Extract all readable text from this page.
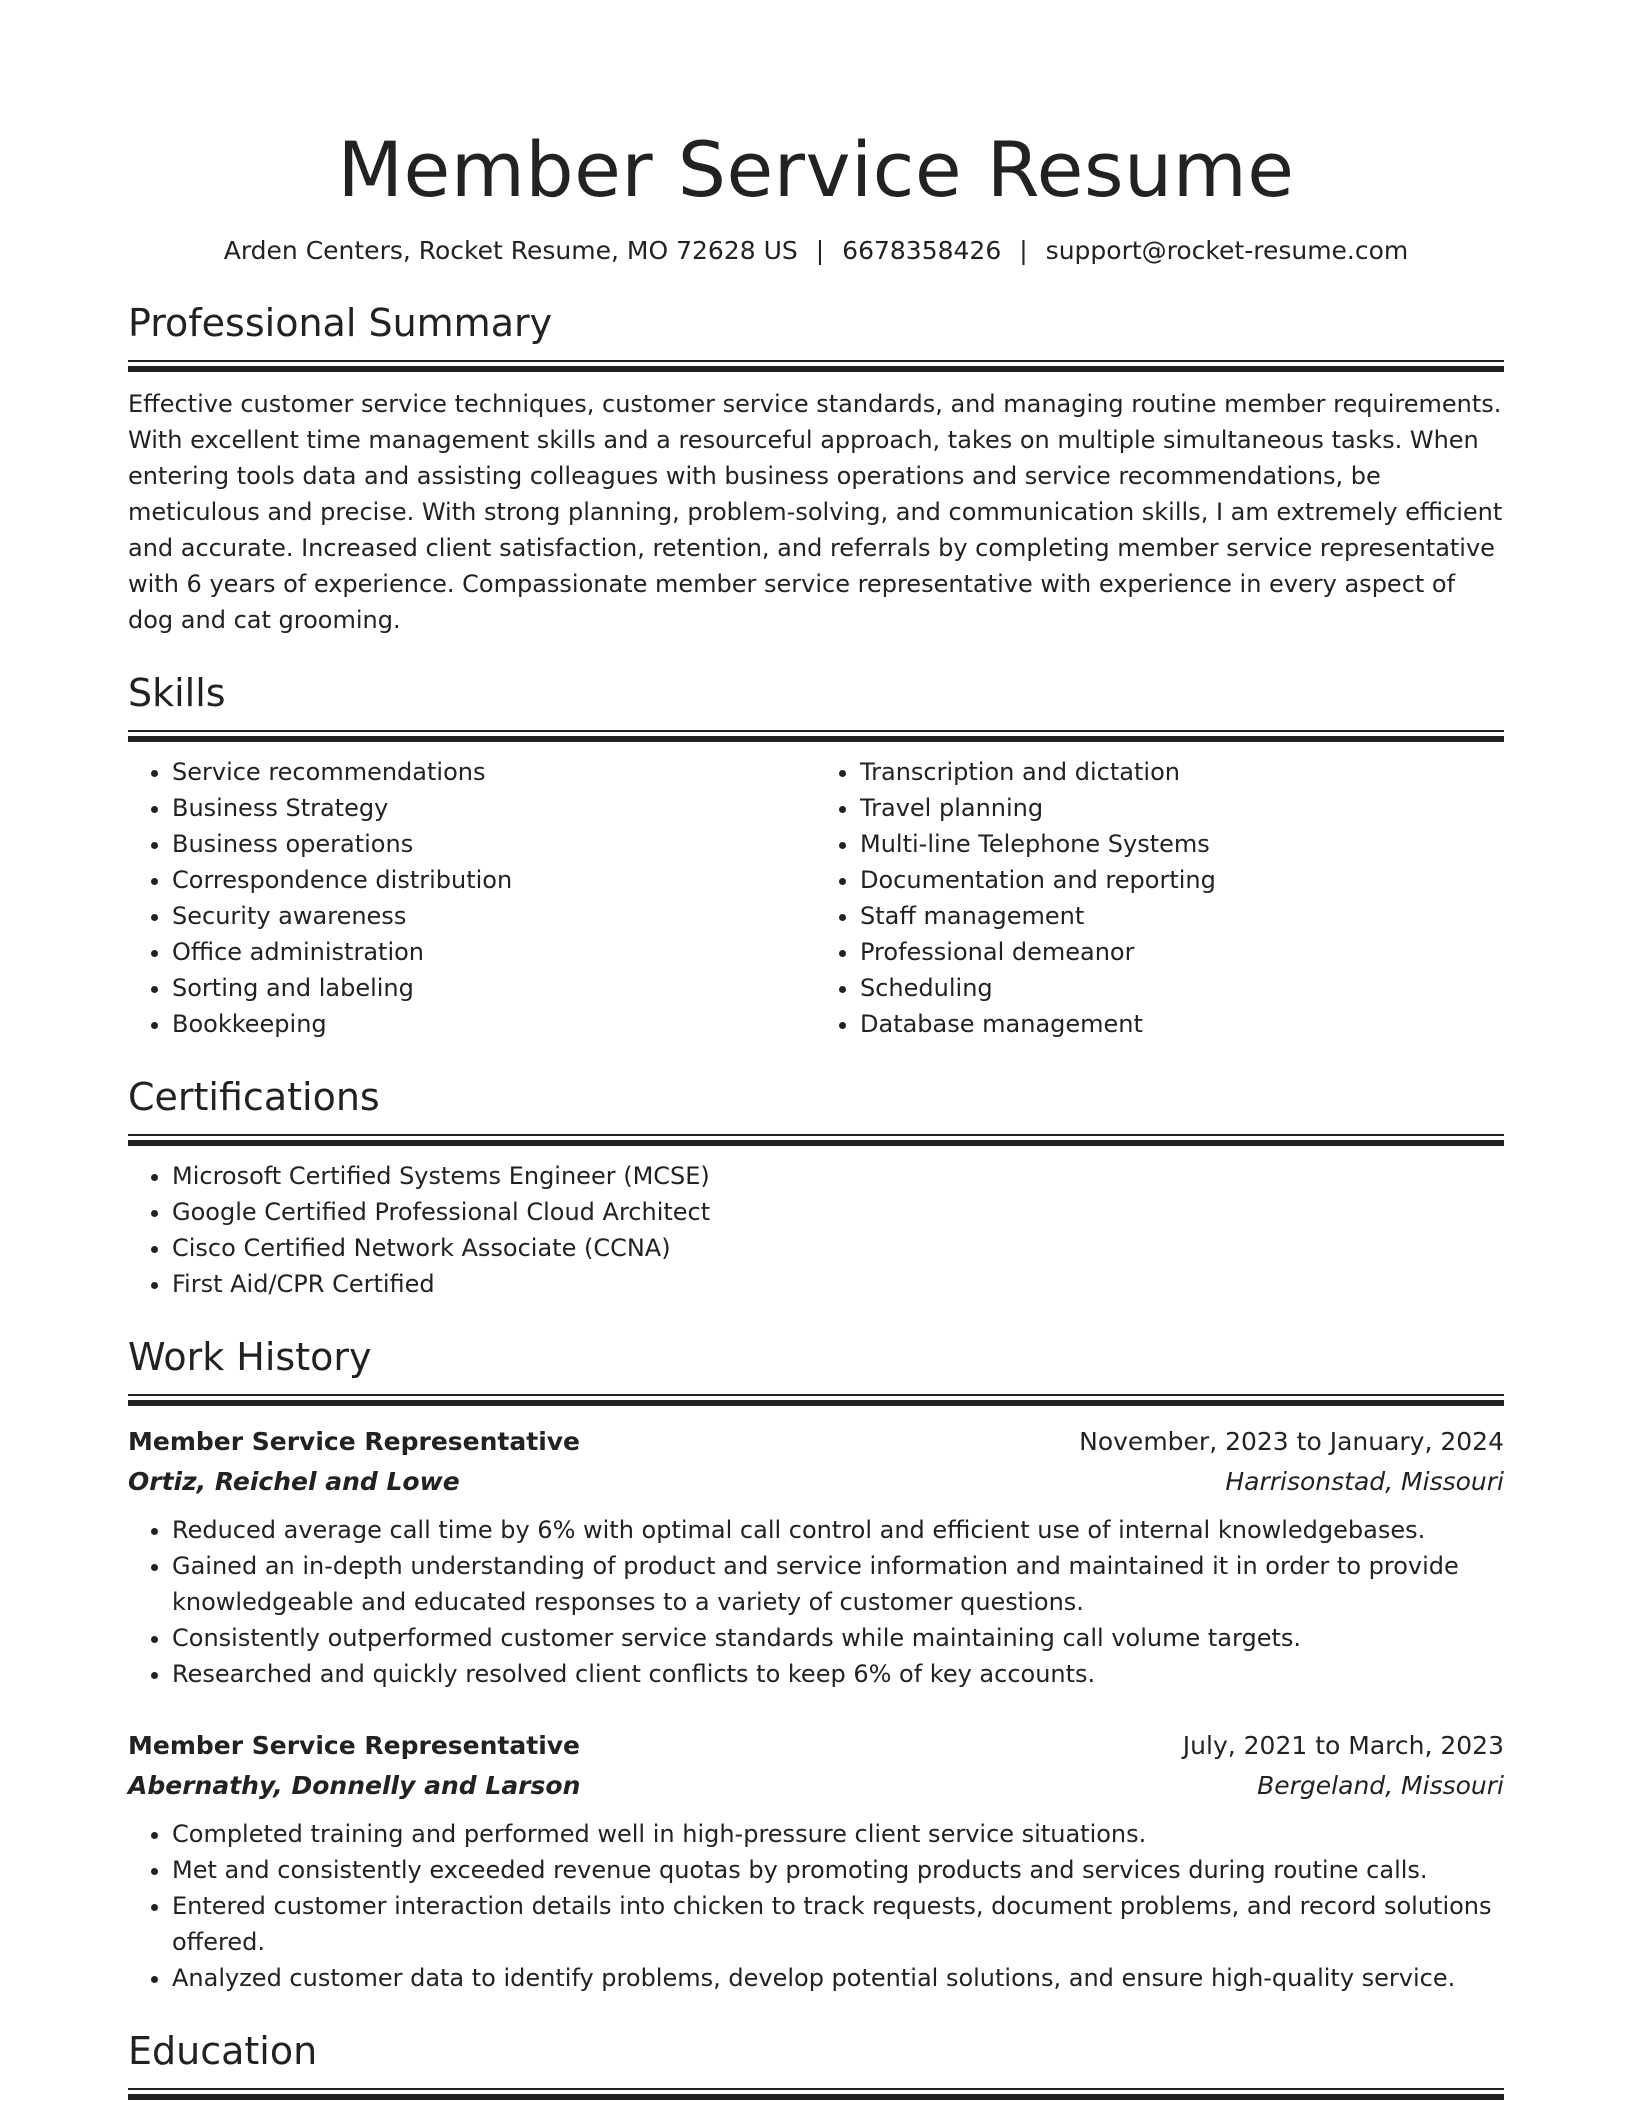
Member Service Resume
Arden Centers, Rocket Resume, MO 72628 US | 6678358426 | support@rocket-resume.com
Professional Summary

Effective customer service techniques, customer service standards, and managing routine member requirements. With excellent time management skills and a resourceful approach, takes on multiple simultaneous tasks. When entering tools data and assisting colleagues with business operations and service recommendations, be meticulous and precise. With strong planning, problem-solving, and communication skills, I am extremely efficient and accurate. Increased client satisfaction, retention, and referrals by completing member service representative with 6 years of experience. Compassionate member service representative with experience in every aspect of dog and cat grooming.

Skills
• Service recommendations
• Business Strategy
• Business operations
• Correspondence distribution
• Security awareness
• Office administration
• Sorting and labeling
• Bookkeeping
• Transcription and dictation
• Travel planning
• Multi-line Telephone Systems
• Documentation and reporting
• Staff management
• Professional demeanor
• Scheduling
• Database management
Certifications
• Microsoft Certified Systems Engineer (MCSE)
• Google Certified Professional Cloud Architect
• Cisco Certified Network Associate (CCNA)
• First Aid/CPR Certified
Work History
Member Service Representative	November, 2023 to January, 2024
Ortiz, Reichel and Lowe	Harrisonstad, Missouri
• Reduced average call time by 6% with optimal call control and efficient use of internal knowledgebases.
• Gained an in-depth understanding of product and service information and maintained it in order to provide knowledgeable and educated responses to a variety of customer questions.
• Consistently outperformed customer service standards while maintaining call volume targets.
• Researched and quickly resolved client conflicts to keep 6% of key accounts.
Member Service Representative	July, 2021 to March, 2023
Abernathy, Donnelly and Larson	Bergeland, Missouri
• Completed training and performed well in high-pressure client service situations.
• Met and consistently exceeded revenue quotas by promoting products and services during routine calls.
• Entered customer interaction details into chicken to track requests, document problems, and record solutions offered.
• Analyzed customer data to identify problems, develop potential solutions, and ensure high-quality service.
Education
